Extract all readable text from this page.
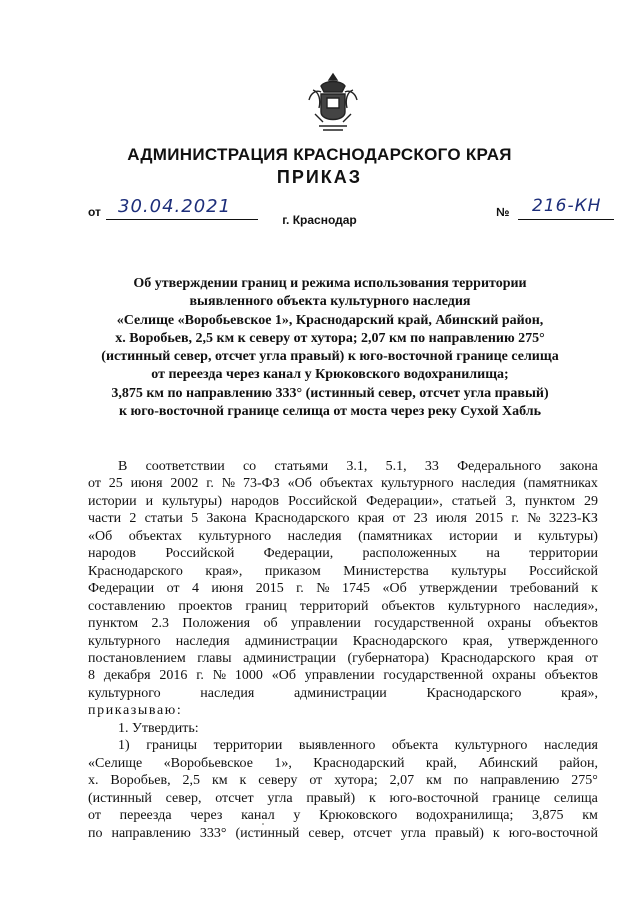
АДМИНИСТРАЦИЯ КРАСНОДАРСКОГО КРАЯ
ПРИКАЗ
от 30.04.2021
г. Краснодар
№ 216-КН
Об утверждении границ и режима использования территории
выявленного объекта культурного наследия
«Селище «Воробьевское 1», Краснодарский край, Абинский район,
х. Воробьев, 2,5 км к северу от хутора; 2,07 км по направлению 275°
(истинный север, отсчет угла правый) к юго-восточной границе селища
от переезда через канал у Крюковского водохранилища;
3,875 км по направлению 333° (истинный север, отсчет угла правый)
к юго-восточной границе селища от моста через реку Сухой Хабль
В соответствии со статьями 3.1, 5.1, 33 Федерального закона
от 25 июня 2002 г. № 73-ФЗ «Об объектах культурного наследия (памятниках
истории и культуры) народов Российской Федерации», статьей 3, пунктом 29
части 2 статьи 5 Закона Краснодарского края от 23 июля 2015 г. № 3223-КЗ
«Об объектах культурного наследия (памятниках истории и культуры)
народов Российской Федерации, расположенных на территории
Краснодарского края», приказом Министерства культуры Российской
Федерации от 4 июня 2015 г. № 1745 «Об утверждении требований к
составлению проектов границ территорий объектов культурного наследия»,
пунктом 2.3 Положения об управлении государственной охраны объектов
культурного наследия администрации Краснодарского края, утвержденного
постановлением главы администрации (губернатора) Краснодарского края от
8 декабря 2016 г. № 1000 «Об управлении государственной охраны объектов
культурного	наследия	администрации	Краснодарского	края»,
приказываю:
1. Утвердить:
1) границы территории выявленного объекта культурного наследия
«Селище «Воробьевское 1», Краснодарский край, Абинский район,
х. Воробьев, 2,5 км к северу от хутора; 2,07 км по направлению 275°
(истинный север, отсчет угла правый) к юго-восточной границе селища
от переезда через канал у Крюковского водохранилища; 3,875 км
по направлению 333° (истинный север, отсчет угла правый) к юго-восточной
